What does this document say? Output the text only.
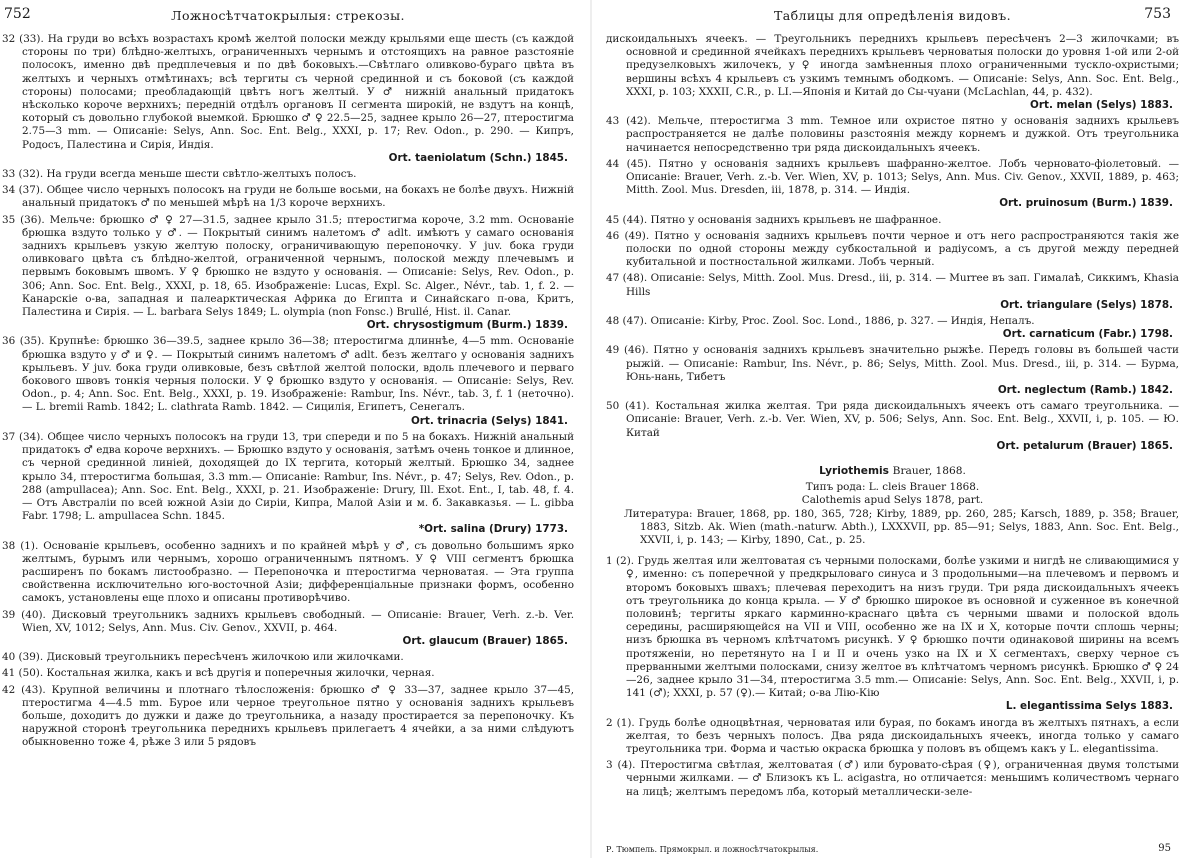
752	Ложносѣтчатокрылыя: стрекозы.

32 (33). На груди во всѣхъ возрастахъ кромѣ желтой полоски между крыльями еще шесть (съ каждой стороны по три) блѣдно-желтыхъ, ограниченныхъ чернымъ и отстоящихъ на равное разстояніе полосокъ, именно двѣ предплечевыя и по двѣ боковыхъ.—Свѣтлаго оливково-бураго цвѣта въ желтыхъ и черныхъ отмѣтинахъ; всѣ тергиты съ черной срединной и съ боковой (съ каждой стороны) полосами; преобладающій цвѣтъ ногъ желтый. У ♂ нижній анальный придатокъ нѣсколько короче верхнихъ; передній отдѣлъ органовъ II сегмента широкій, не вздутъ на концѣ, который съ довольно глубокой выемкой. Брюшко ♂ ♀ 22.5—25, заднее крыло 26—27, птеростигма 2.75—3 mm. — Описаніе: Selys, Ann. Soc. Ent. Belg., XXXI, p. 17; Rev. Odon., p. 290. — Кипръ, Родосъ, Палестина и Сирія, Индія.

Ort. taeniolatum (Schn.) 1845.

33 (32). На груди всегда меньше шести свѣтло-желтыхъ полосъ.

34 (37). Общее число черныхъ полосокъ на груди не больше восьми, на бокахъ не болѣе двухъ. Нижній анальный придатокъ ♂ по меньшей мѣрѣ на 1/3 короче верхнихъ.

35 (36). Мельче: брюшко ♂ ♀ 27—31.5, заднее крыло 31.5; птеростигма короче, 3.2 mm. Основаніе брюшка вздуто только у ♂. — Покрытый синимъ налетомъ ♂ adlt. имѣютъ у самаго основанія заднихъ крыльевъ узкую желтую полоску, ограничивающую перепоночку. У juv. бока груди оливковаго цвѣта съ блѣдно-желтой, ограниченной чернымъ, полоской между плечевымъ и первымъ боковымъ швомъ. У ♀ брюшко не вздуто у основанія. — Описаніе: Selys, Rev. Odon., p. 306; Ann. Soc. Ent. Belg., XXXI, p. 18, 65. Изображеніе: Lucas, Expl. Sc. Alger., Névr., tab. 1, f. 2. — Канарскіе о-ва, западная и палеарктическая Африка до Египта и Синайскаго п-ова, Критъ, Палестина и Сирія. — L. barbara Selys 1849; L. olympia (non Fonsc.) Brullé, Hist. il. Canar.

Ort. chrysostigmum (Burm.) 1839.

36 (35). Крупнѣе: брюшко 36—39.5, заднее крыло 36—38; птеростигма длиннѣе, 4—5 mm. Основаніе брюшка вздуто у ♂ и ♀. — Покрытый синимъ налетомъ ♂ adlt. безъ желтаго у основанія заднихъ крыльевъ. У juv. бока груди оливковые, безъ свѣтлой желтой полоски, вдоль плечевого и перваго бокового швовъ тонкія черныя полоски. У ♀ брюшко вздуто у основанія. — Описаніе: Selys, Rev. Odon., p. 4; Ann. Soc. Ent. Belg., XXXI, p. 19. Изображеніе: Rambur, Ins. Névr., tab. 3, f. 1 (неточно). — L. bremii Ramb. 1842; L. clathrata Ramb. 1842. — Сицилія, Египетъ, Сенегалъ.

Ort. trinacria (Selys) 1841.

37 (34). Общее число черныхъ полосокъ на груди 13, три спереди и по 5 на бокахъ. Нижній анальный придатокъ ♂ едва короче верхнихъ. — Брюшко вздуто у основанія, затѣмъ очень тонкое и длинное, съ черной срединной линіей, доходящей до IX тергита, который желтый. Брюшко 34, заднее крыло 34, птеростигма большая, 3.3 mm.— Описаніе: Rambur, Ins. Névr., p. 47; Selys, Rev. Odon., p. 288 (ampullacea); Ann. Soc. Ent. Belg., XXXI, p. 21. Изображеніе: Drury, Ill. Exot. Ent., I, tab. 48, f. 4. — Отъ Австраліи по всей южной Азіи до Сиріи, Кипра, Малой Азіи и м. б. Закавказья. — L. gibba Fabr. 1798; L. ampullacea Schn. 1845.

*Ort. salina (Drury) 1773.

38 (1). Основаніе крыльевъ, особенно заднихъ и по крайней мѣрѣ у ♂, съ довольно большимъ ярко желтымъ, бурымъ или чернымъ, хорошо ограниченнымъ пятномъ. У ♀ VIII сегментъ брюшка расширенъ по бокамъ листообразно. — Перепоночка и птеростигма черноватая. — Эта группа свойственна исключительно юго-восточной Азіи; дифференціальные признаки формъ, особенно самокъ, установлены еще плохо и описаны противорѣчиво.

39 (40). Дисковый треугольникъ заднихъ крыльевъ свободный. — Описаніе: Brauer, Verh. z.-b. Ver. Wien, XV, 1012; Selys, Ann. Mus. Civ. Genov., XXVII, p. 464.

Ort. glaucum (Brauer) 1865.

40 (39). Дисковый треугольникъ пересѣченъ жилочкою или жилочками.

41 (50). Костальная жилка, какъ и всѣ другія и поперечныя жилочки, черная.

42 (43). Крупной величины и плотнаго тѣлосложенія: брюшко ♂ ♀ 33—37, заднее крыло 37—45, птеростигма 4—4.5 mm. Бурое или черное треугольное пятно у основанія заднихъ крыльевъ больше, доходитъ до дужки и даже до треугольника, а назаду простирается за перепоночку. Къ наружной сторонѣ треугольника переднихъ крыльевъ прилегаетъ 4 ячейки, а за ними слѣдуютъ обыкновенно тоже 4, рѣже 3 или 5 рядовъ

Таблицы для опредѣленія видовъ.	753

дискоидальныхъ ячеекъ. — Треугольникъ переднихъ крыльевъ пересѣченъ 2—3 жилочками; въ основной и срединной ячейкахъ переднихъ крыльевъ черноватыя полоски до уровня 1-ой или 2-ой предузелковыхъ жилочекъ, у ♀ иногда замѣненныя плохо ограниченными тускло-охристыми; вершины всѣхъ 4 крыльевъ съ узкимъ темнымъ ободкомъ. — Описаніе: Selys, Ann. Soc. Ent. Belg., XXXI, p. 103; XXXII, C.R., p. LI.—Японія и Китай до Сы-чуани (McLachlan, 44, p. 432).

Ort. melan (Selys) 1883.

43 (42). Мельче, птеростигма 3 mm. Темное или охристое пятно у основанія заднихъ крыльевъ распространяется не далѣе половины разстоянія между корнемъ и дужкой. Отъ треугольника начинается непосредственно три ряда дискоидальныхъ ячеекъ.

44 (45). Пятно у основанія заднихъ крыльевъ шафранно-желтое. Лобъ черновато-фіолетовый. — Описаніе: Brauer, Verh. z.-b. Ver. Wien, XV, p. 1013; Selys, Ann. Mus. Civ. Genov., XXVII, 1889, p. 463; Mitth. Zool. Mus. Dresden, iii, 1878, p. 314. — Индія.

Ort. pruinosum (Burm.) 1839.

45 (44). Пятно у основанія заднихъ крыльевъ не шафранное.

46 (49). Пятно у основанія заднихъ крыльевъ почти черное и отъ него распространяются такія же полоски по одной стороны между субкостальной и радіусомъ, а съ другой между передней кубитальной и постностальной жилками. Лобъ черный.

47 (48). Описаніе: Selys, Mitth. Zool. Mus. Dresd., iii, p. 314. — Murree въ зап. Гималаѣ, Сиккимъ, Khasia Hills

Ort. triangulare (Selys) 1878.

48 (47). Описаніе: Kirby, Proc. Zool. Soc. Lond., 1886, p. 327. — Индія, Непалъ.

Ort. carnaticum (Fabr.) 1798.

49 (46). Пятно у основанія заднихъ крыльевъ значительно рыжѣе. Передъ головы въ большей части рыжій. — Описаніе: Rambur, Ins. Névr., p. 86; Selys, Mitth. Zool. Mus. Dresd., iii, p. 314. — Бурма, Юнь-нань, Тибетъ

Ort. neglectum (Ramb.) 1842.

50 (41). Костальная жилка желтая. Три ряда дискоидальныхъ ячеекъ отъ самаго треугольника. — Описаніе: Brauer, Verh. z.-b. Ver. Wien, XV, p. 506; Selys, Ann. Soc. Ent. Belg., XXVII, i, p. 105. — Ю. Китай

Ort. petalurum (Brauer) 1865.

Lyriothemis Brauer, 1868.

Типъ рода: L. cleis Brauer 1868.

Calothemis apud Selys 1878, part.

Литература: Brauer, 1868, pp. 180, 365, 728; Kirby, 1889, pp. 260, 285; Karsch, 1889, p. 358; Brauer, 1883, Sitzb. Ak. Wien (math.-naturw. Abth.), LXXXVII, pp. 85—91; Selys, 1883, Ann. Soc. Ent. Belg., XXVII, i, p. 143; — Kirby, 1890, Cat., p. 25.

1 (2). Грудь желтая или желтоватая съ черными полосками, болѣе узкими и нигдѣ не сливающимися у ♀, именно: съ поперечной у предкрыловаго синуса и 3 продольными—на плечевомъ и первомъ и второмъ боковыхъ швахъ; плечевая переходитъ на низъ груди. Три ряда дискоидальныхъ ячеекъ отъ треугольника до конца крыла. — У ♂ брюшко широкое въ основной и суженное въ конечной половинѣ; тергиты яркаго карминно-краснаго цвѣта съ черными швами и полоской вдоль середины, расширяющейся на VII и VIII, особенно же на IX и X, которые почти сплошь черны; низъ брюшка въ черномъ клѣтчатомъ рисункѣ. У ♀ брюшко почти одинаковой ширины на всемъ протяженіи, но перетянуто на I и II и очень узко на IX и X сегментахъ, сверху черное съ прерванными желтыми полосками, снизу желтое въ клѣтчатомъ черномъ рисункѣ. Брюшко ♂ ♀ 24—26, заднее крыло 31—34, птеростигма 3.5 mm.— Описаніе: Selys, Ann. Soc. Ent. Belg., XXVII, i, p. 141 (♂); XXXI, p. 57 (♀).— Китай; о-ва Лію-Кію

L. elegantissima Selys 1883.

2 (1). Грудь болѣе одноцвѣтная, черноватая или бурая, по бокамъ иногда въ желтыхъ пятнахъ, а если желтая, то безъ черныхъ полосъ. Два ряда дискоидальныхъ ячеекъ, иногда только у самаго треугольника три. Форма и частью окраска брюшка у половъ въ общемъ какъ у L. elegantissima.

3 (4). Птеростигма свѣтлая, желтоватая (♂) или буровато-сѣрая (♀), ограниченная двумя толстыми черными жилками. — ♂ Близокъ къ L. acigastra, но отличается: меньшимъ количествомъ чернаго на лицѣ; желтымъ передомъ лба, который металлически-зеле-

Р. Тюмпель. Прямокрыл. и ложносѣтчатокрылыя.	95
